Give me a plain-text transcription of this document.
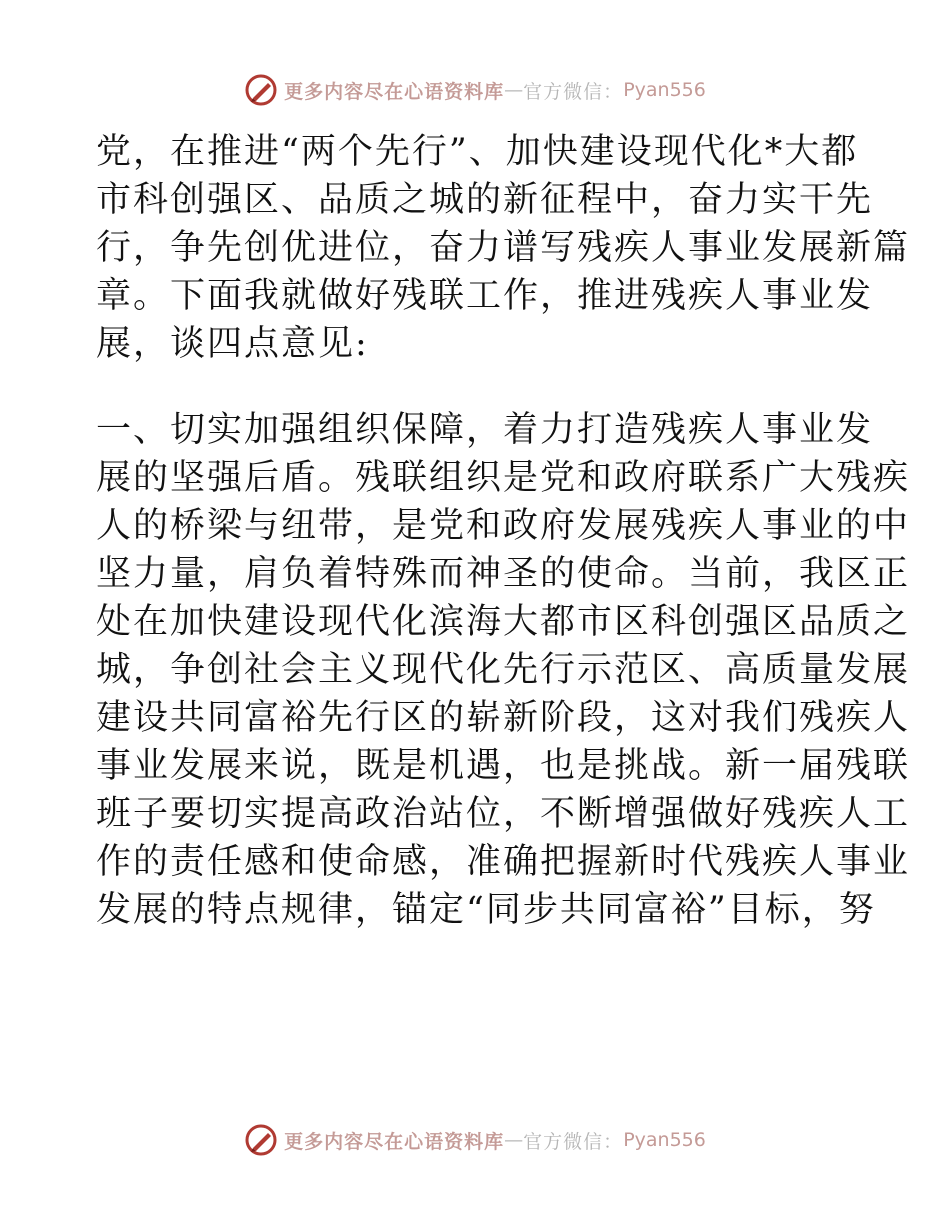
更多内容尽在心语资料库 — 官方微信： Pyan556
党，在推进“两个先行”、加快建设现代化*大都
市科创强区、品质之城的新征程中，奋力实干先
行，争先创优进位，奋力谱写残疾人事业发展新篇
章。下面我就做好残联工作，推进残疾人事业发
展，谈四点意见:
一、切实加强组织保障，着力打造残疾人事业发
展的坚强后盾。残联组织是党和政府联系广大残疾
人的桥梁与纽带，是党和政府发展残疾人事业的中
坚力量，肩负着特殊而神圣的使命。当前，我区正
处在加快建设现代化滨海大都市区科创强区品质之
城，争创社会主义现代化先行示范区、高质量发展
建设共同富裕先行区的崭新阶段，这对我们残疾人
事业发展来说，既是机遇，也是挑战。新一届残联
班子要切实提高政治站位，不断增强做好残疾人工
作的责任感和使命感，准确把握新时代残疾人事业
发展的特点规律，锚定“同步共同富裕”目标，努
更多内容尽在心语资料库 — 官方微信： Pyan556
